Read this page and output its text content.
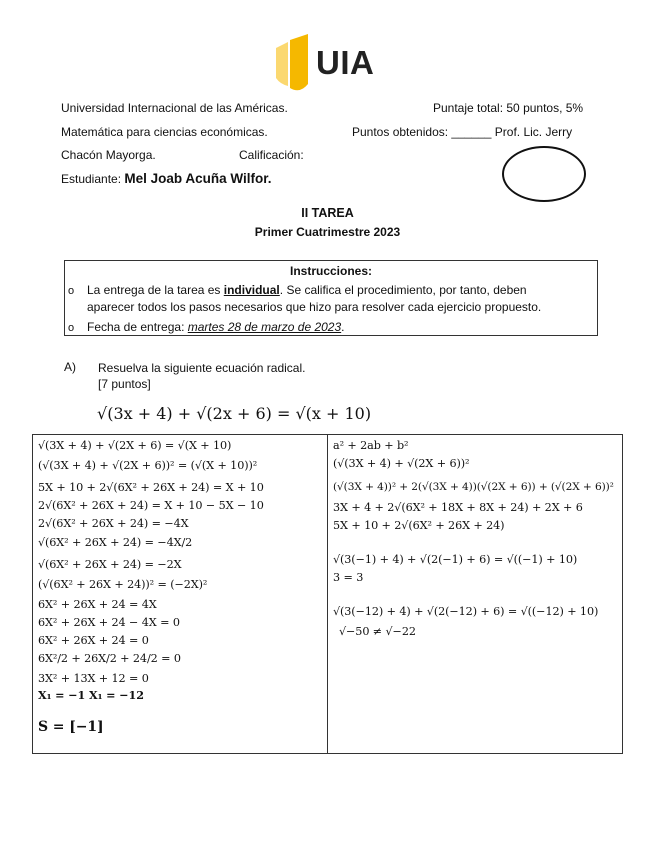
UIA
Universidad Internacional de las Américas.	Puntaje total: 50 puntos, 5%
Matemática para ciencias económicas.	Puntos obtenidos: ______ Prof. Lic. Jerry
Chacón Mayorga.	Calificación:
Estudiante: Mel Joab Acuña Wilfor.
II TAREA
Primer Cuatrimestre 2023
Instrucciones:
o La entrega de la tarea es individual. Se califica el procedimiento, por tanto, deben
aparecer todos los pasos necesarios que hizo para resolver cada ejercicio propuesto.
o Fecha de entrega: martes 28 de marzo de 2023.
A) Resuelva la siguiente ecuación radical.
[7 puntos]
√(3x + 4) + √(2x + 6) = √(x + 10)
√(3X + 4) + √(2X + 6) = √(X + 10)
(√(3X + 4) + √(2X + 6))² = (√(X + 10))²
5X + 10 + 2√(6X² + 26X + 24) = X + 10
2√(6X² + 26X + 24) = X + 10 − 5X − 10
2√(6X² + 26X + 24) = −4X
√(6X² + 26X + 24) = −4X/2
√(6X² + 26X + 24) = −2X
(√(6X² + 26X + 24))² = (−2X)²
6X² + 26X + 24 = 4X
6X² + 26X + 24 − 4X = 0
6X² + 26X + 24 = 0
6X²/2 + 26X/2 + 24/2 = 0
3X² + 13X + 12 = 0
X₁ = −1 X₁ = −12
S = [−1]
a² + 2ab + b²
(√(3X + 4) + √(2X + 6))²
(√(3X + 4))² + 2(√(3X + 4))(√(2X + 6)) + (√(2X + 6))²
3X + 4 + 2√(6X² + 18X + 8X + 24) + 2X + 6
5X + 10 + 2√(6X² + 26X + 24)
√(3(−1) + 4) + √(2(−1) + 6) = √((−1) + 10)
3 = 3
√(3(−12) + 4) + √(2(−12) + 6) = √((−12) + 10)
√−50 ≠ √−22
